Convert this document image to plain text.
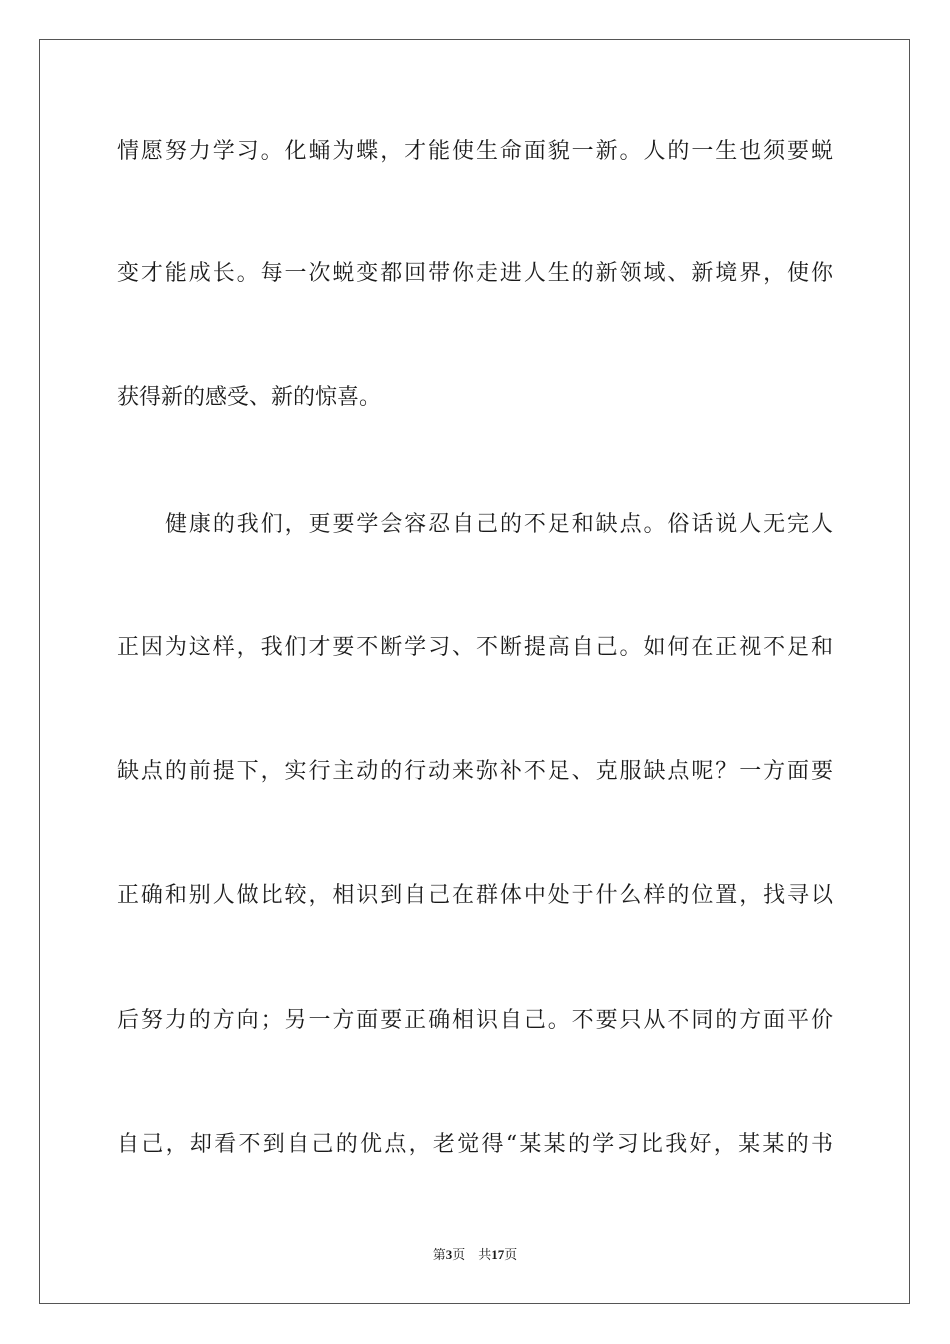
情愿努力学习。化蛹为蝶，才能使生命面貌一新。人的一生也须要蜕
变才能成长。每一次蜕变都回带你走进人生的新领域、新境界，使你
获得新的感受、新的惊喜。
健康的我们，更要学会容忍自己的不足和缺点。俗话说人无完人
正因为这样，我们才要不断学习、不断提高自己。如何在正视不足和
缺点的前提下，实行主动的行动来弥补不足、克服缺点呢？一方面要
正确和别人做比较，相识到自己在群体中处于什么样的位置，找寻以
后努力的方向；另一方面要正确相识自己。不要只从不同的方面平价
自己，却看不到自己的优点，老觉得“某某的学习比我好，某某的书
第3页 共17页
